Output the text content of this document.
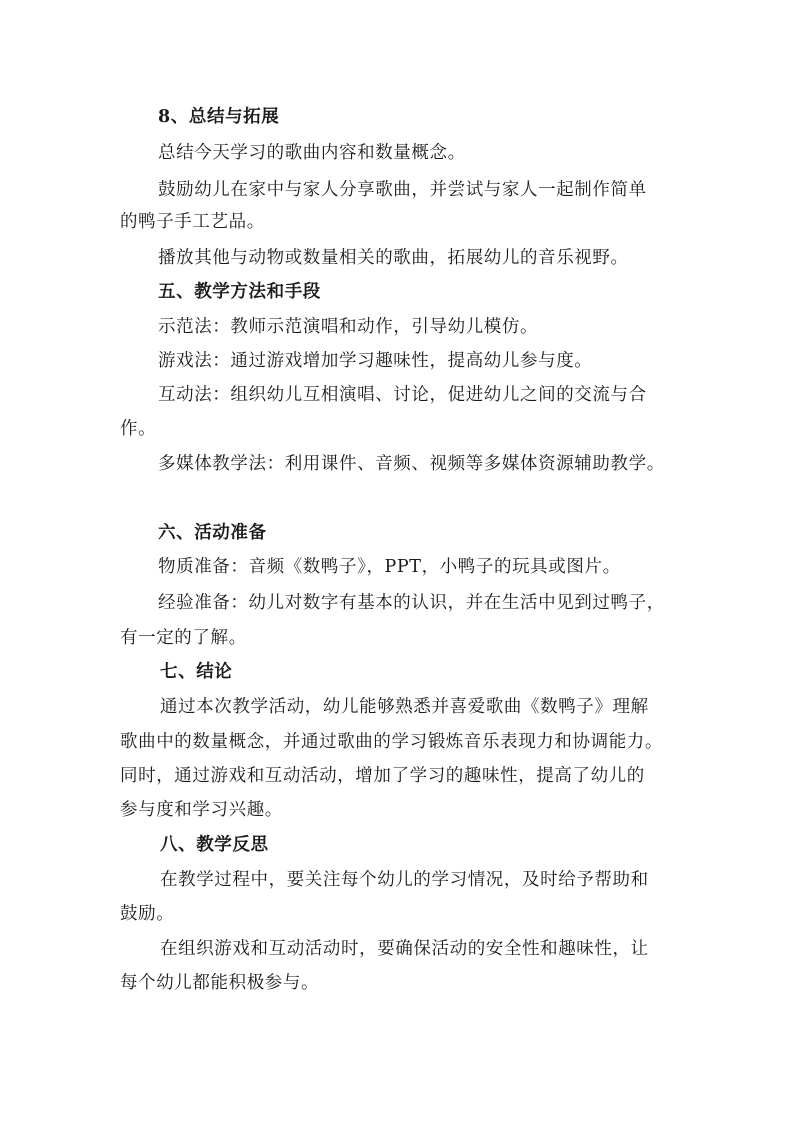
8、总结与拓展
总结今天学习的歌曲内容和数量概念。
鼓励幼儿在家中与家人分享歌曲，并尝试与家人一起制作简单
的鸭子手工艺品。
播放其他与动物或数量相关的歌曲，拓展幼儿的音乐视野。
五、教学方法和手段
示范法：教师示范演唱和动作，引导幼儿模仿。
游戏法：通过游戏增加学习趣味性，提高幼儿参与度。
互动法：组织幼儿互相演唱、讨论，促进幼儿之间的交流与合
作。
多媒体教学法：利用课件、音频、视频等多媒体资源辅助教学。
六、活动准备
物质准备：音频《数鸭子》，PPT，小鸭子的玩具或图片。
经验准备：幼儿对数字有基本的认识，并在生活中见到过鸭子，
有一定的了解。
七、结论
通过本次教学活动，幼儿能够熟悉并喜爱歌曲《数鸭子》理解
歌曲中的数量概念，并通过歌曲的学习锻炼音乐表现力和协调能力。
同时，通过游戏和互动活动，增加了学习的趣味性，提高了幼儿的
参与度和学习兴趣。
八、教学反思
在教学过程中，要关注每个幼儿的学习情况，及时给予帮助和
鼓励。
在组织游戏和互动活动时，要确保活动的安全性和趣味性，让
每个幼儿都能积极参与。
